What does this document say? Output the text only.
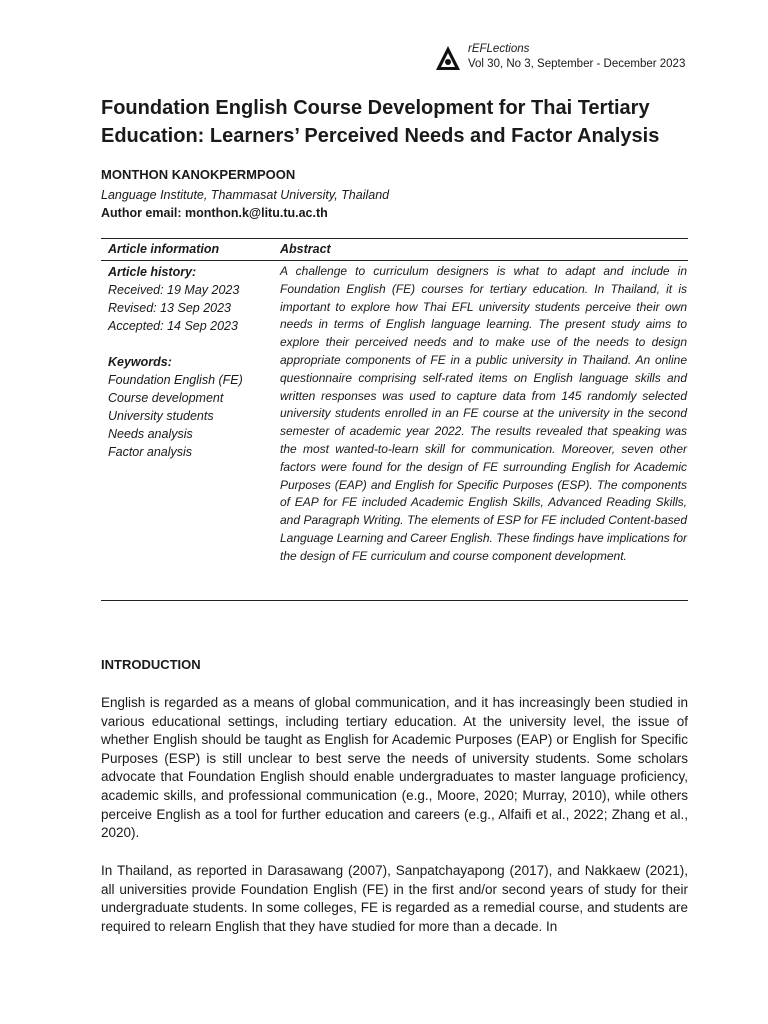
rEFLections
Vol 30, No 3, September - December 2023
Foundation English Course Development for Thai Tertiary Education: Learners’ Perceived Needs and Factor Analysis
MONTHON KANOKPERMPOON
Language Institute, Thammasat University, Thailand
Author email: monthon.k@litu.tu.ac.th
Article information	Abstract
Article history:
Received: 19 May 2023
Revised: 13 Sep 2023
Accepted: 14 Sep 2023
Keywords:
Foundation English (FE)
Course development
University students
Needs analysis
Factor analysis

A challenge to curriculum designers is what to adapt and include in Foundation English (FE) courses for tertiary education. In Thailand, it is important to explore how Thai EFL university students perceive their own needs in terms of English language learning. The present study aims to explore their perceived needs and to make use of the needs to design appropriate components of FE in a public university in Thailand. An online questionnaire comprising self-rated items on English language skills and written responses was used to capture data from 145 randomly selected university students enrolled in an FE course at the university in the second semester of academic year 2022. The results revealed that speaking was the most wanted-to-learn skill for communication. Moreover, seven other factors were found for the design of FE surrounding English for Academic Purposes (EAP) and English for Specific Purposes (ESP). The components of EAP for FE included Academic English Skills, Advanced Reading Skills, and Paragraph Writing. The elements of ESP for FE included Content-based Language Learning and Career English. These findings have implications for the design of FE curriculum and course component development.

INTRODUCTION

English is regarded as a means of global communication, and it has increasingly been studied in various educational settings, including tertiary education. At the university level, the issue of whether English should be taught as English for Academic Purposes (EAP) or English for Specific Purposes (ESP) is still unclear to best serve the needs of university students. Some scholars advocate that Foundation English should enable undergraduates to master language proficiency, academic skills, and professional communication (e.g., Moore, 2020; Murray, 2010), while others perceive English as a tool for further education and careers (e.g., Alfaifi et al., 2022; Zhang et al., 2020).

In Thailand, as reported in Darasawang (2007), Sanpatchayapong (2017), and Nakkaew (2021), all universities provide Foundation English (FE) in the first and/or second years of study for their undergraduate students. In some colleges, FE is regarded as a remedial course, and students are required to relearn English that they have studied for more than a decade. In
